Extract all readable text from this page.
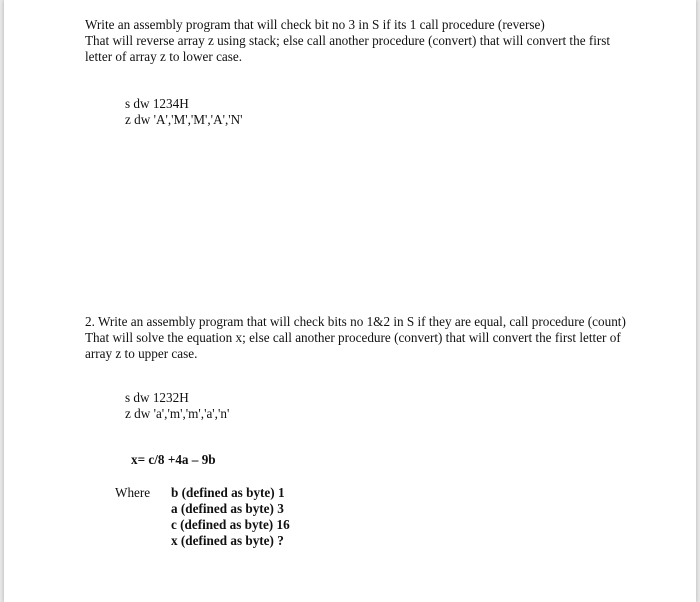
Write an assembly program that will check bit no 3 in S if its 1 call procedure (reverse)
That will reverse array z using stack; else call another procedure (convert) that will convert the first
letter of array z to lower case.
s dw 1234H
z dw 'A','M','M','A','N'
2. Write an assembly program that will check bits no 1&2 in S if they are equal, call procedure (count)
That will solve the equation x; else call another procedure (convert) that will convert the first letter of
array z to upper case.
s dw 1232H
z dw 'a','m','m','a','n'
x= c/8 +4a – 9b
Where b (defined as byte) 1
a (defined as byte) 3
c (defined as byte) 16
x (defined as byte) ?
